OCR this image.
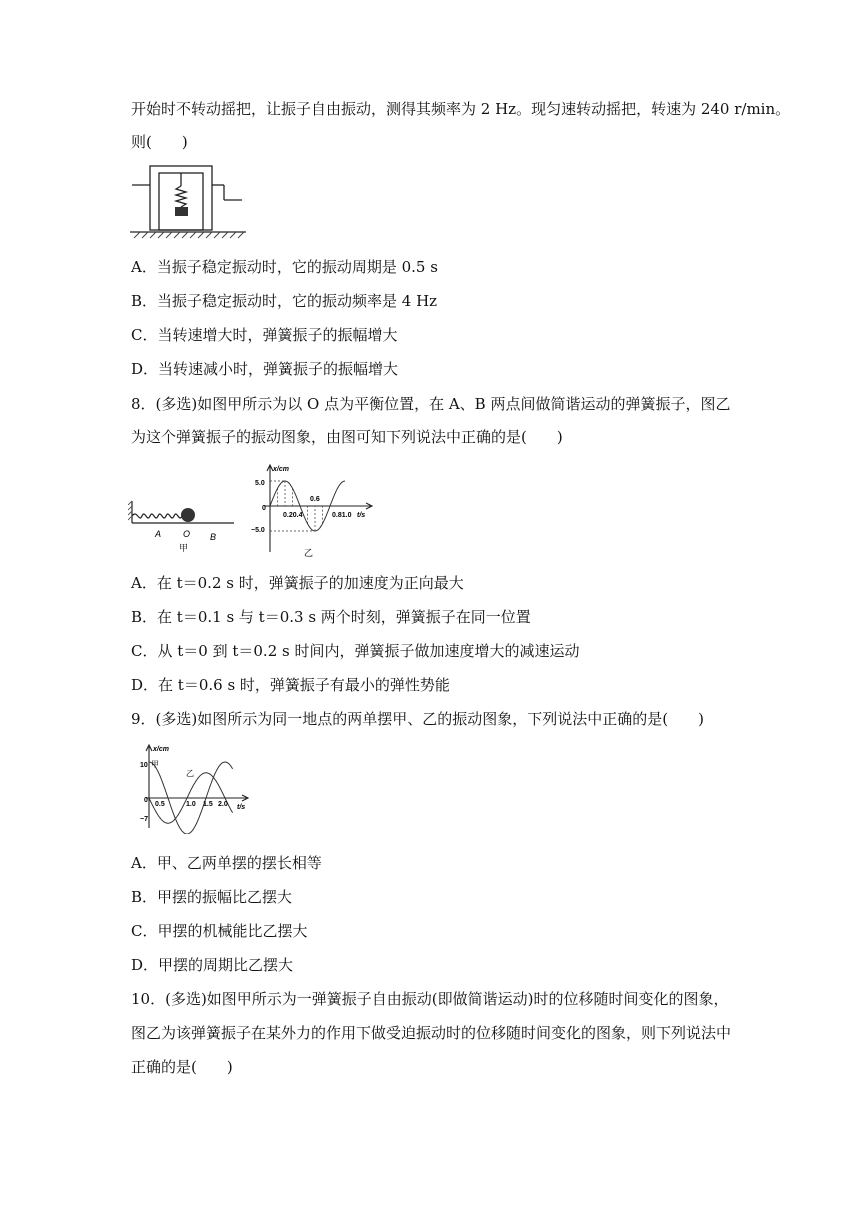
开始时不转动摇把，让振子自由振动，测得其频率为 2 Hz。现匀速转动摇把，转速为 240 r/min。
则(　　)
A．当振子稳定振动时，它的振动周期是 0.5 s
B．当振子稳定振动时，它的振动频率是 4 Hz
C．当转速增大时，弹簧振子的振幅增大
D．当转速减小时，弹簧振子的振幅增大
8．(多选)如图甲所示为以 O 点为平衡位置，在 A、B 两点间做简谐运动的弹簧振子，图乙
为这个弹簧振子的振动图象，由图可知下列说法中正确的是(　　)
A O B
甲
x/cm
t/s
5.0
−5.0
0
0.20.4
0.6
0.81.0
乙
A．在 t＝0.2 s 时，弹簧振子的加速度为正向最大
B．在 t＝0.1 s 与 t＝0.3 s 两个时刻，弹簧振子在同一位置
C．从 t＝0 到 t＝0.2 s 时间内，弹簧振子做加速度增大的减速运动
D．在 t＝0.6 s 时，弹簧振子有最小的弹性势能
9．(多选)如图所示为同一地点的两单摆甲、乙的振动图象，下列说法中正确的是(　　)
x/cm
t/s
10
−7
0
甲
乙
0.5	1.0 1.5 2.0
A．甲、乙两单摆的摆长相等
B．甲摆的振幅比乙摆大
C．甲摆的机械能比乙摆大
D．甲摆的周期比乙摆大
10．(多选)如图甲所示为一弹簧振子自由振动(即做简谐运动)时的位移随时间变化的图象，
图乙为该弹簧振子在某外力的作用下做受迫振动时的位移随时间变化的图象，则下列说法中
正确的是(　　)
